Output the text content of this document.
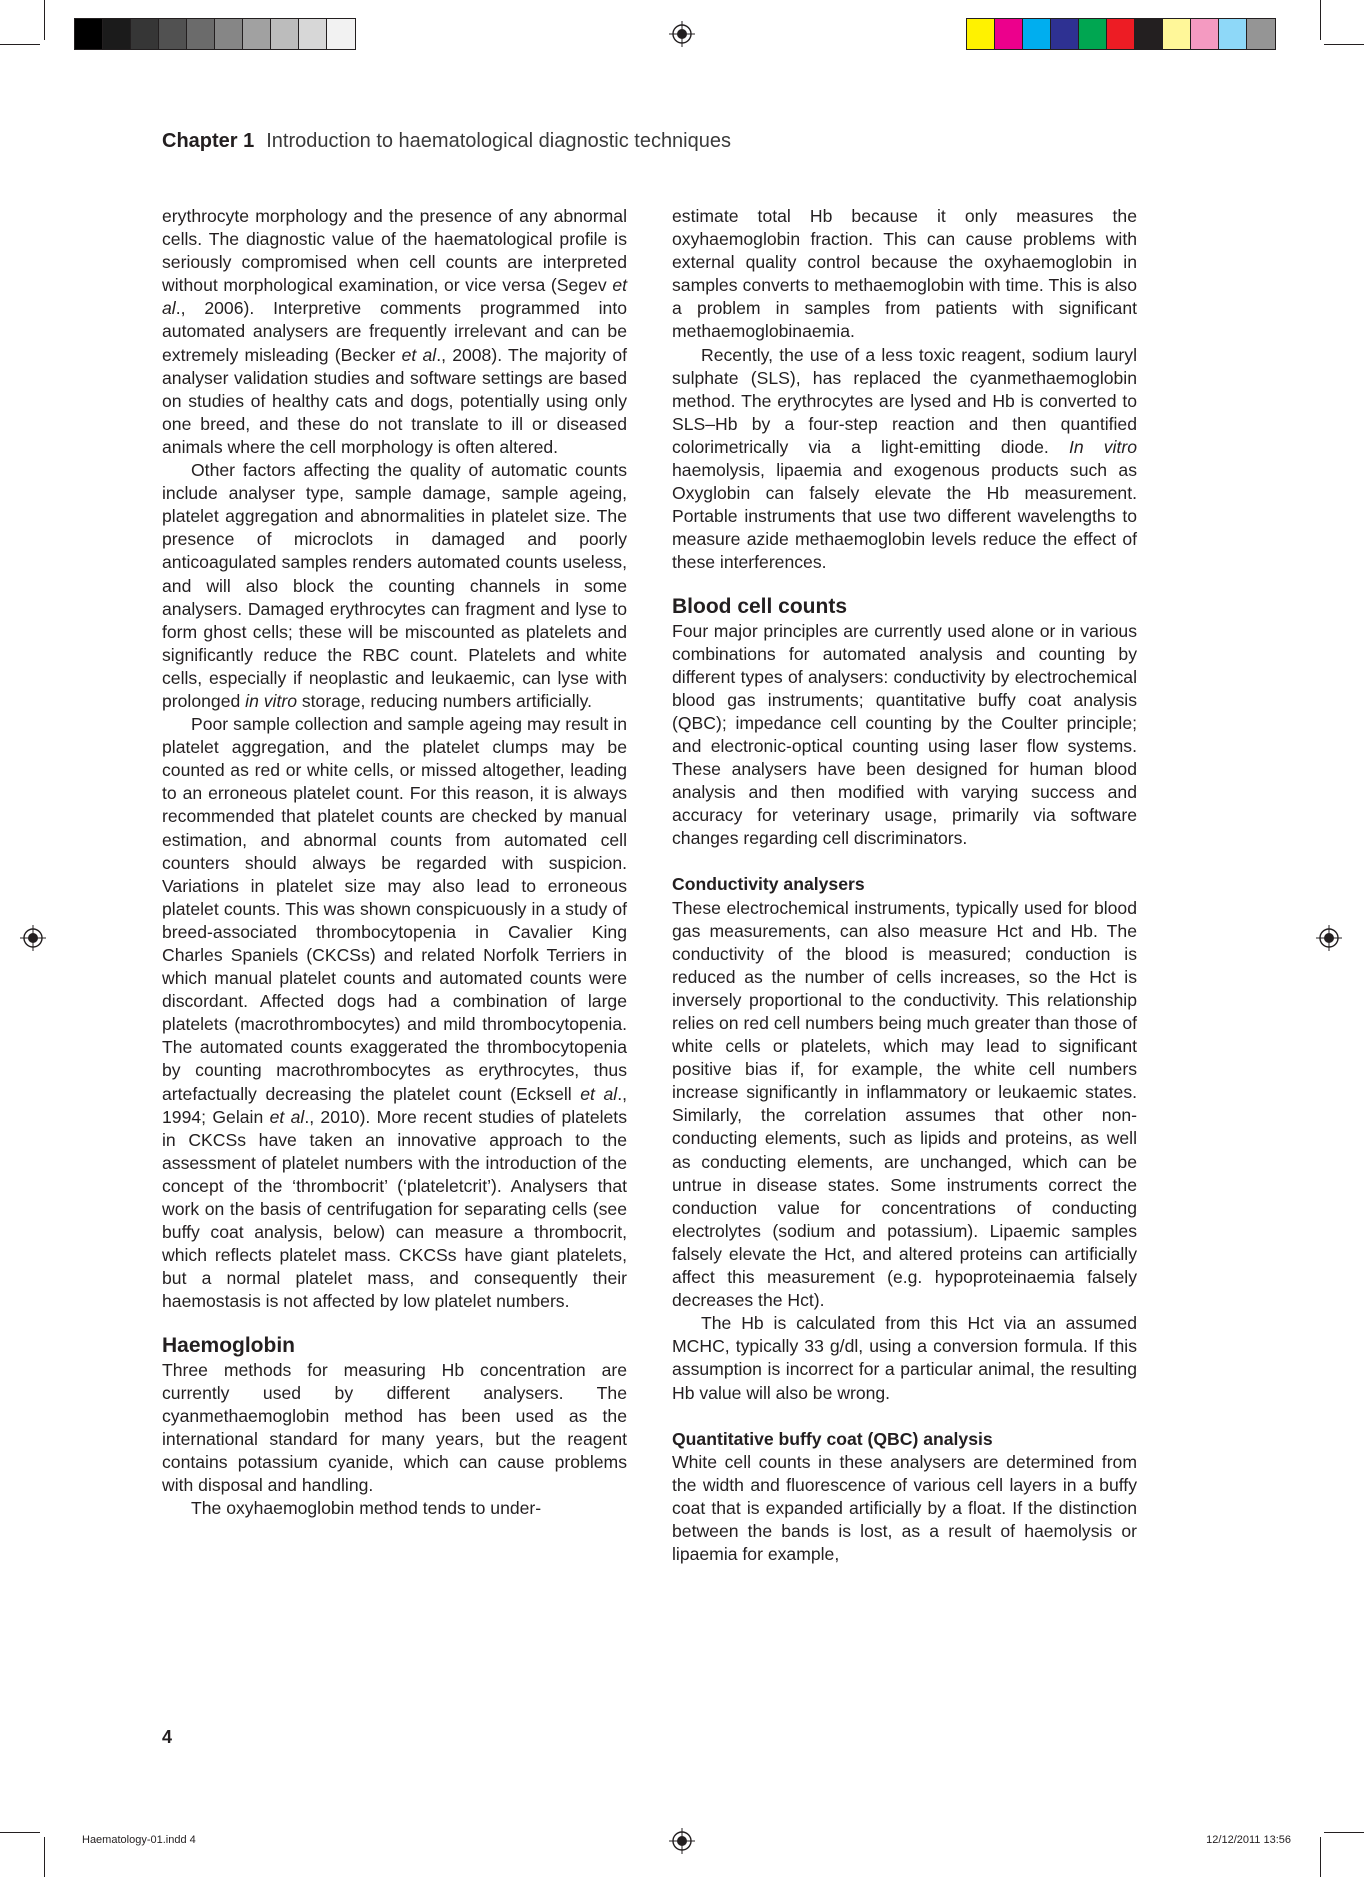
Chapter 1 Introduction to haematological diagnostic techniques

erythrocyte morphology and the presence of any abnormal cells. The diagnostic value of the haematological profile is seriously compromised when cell counts are interpreted without morphological examination, or vice versa (Segev et al., 2006). Interpretive comments programmed into automated analysers are frequently irrelevant and can be extremely misleading (Becker et al., 2008). The majority of analyser validation studies and software settings are based on studies of healthy cats and dogs, potentially using only one breed, and these do not translate to ill or diseased animals where the cell morphology is often altered.

Other factors affecting the quality of automatic counts include analyser type, sample damage, sample ageing, platelet aggregation and abnormalities in platelet size. The presence of microclots in damaged and poorly anticoagulated samples renders automated counts useless, and will also block the counting channels in some analysers. Damaged erythrocytes can fragment and lyse to form ghost cells; these will be miscounted as platelets and significantly reduce the RBC count. Platelets and white cells, especially if neoplastic and leukaemic, can lyse with prolonged in vitro storage, reducing numbers artificially.

Poor sample collection and sample ageing may result in platelet aggregation, and the platelet clumps may be counted as red or white cells, or missed altogether, leading to an erroneous platelet count. For this reason, it is always recommended that platelet counts are checked by manual estimation, and abnormal counts from automated cell counters should always be regarded with suspicion. Variations in platelet size may also lead to erroneous platelet counts. This was shown conspicuously in a study of breed-associated thrombocytopenia in Cavalier King Charles Spaniels (CKCSs) and related Norfolk Terriers in which manual platelet counts and automated counts were discordant. Affected dogs had a combination of large platelets (macrothrombocytes) and mild thrombocytopenia. The automated counts exaggerated the thrombocytopenia by counting macrothrombocytes as erythrocytes, thus artefactually decreasing the platelet count (Ecksell et al., 1994; Gelain et al., 2010). More recent studies of platelets in CKCSs have taken an innovative approach to the assessment of platelet numbers with the introduction of the concept of the ‘thrombocrit’ (‘plateletcrit’). Analysers that work on the basis of centrifugation for separating cells (see buffy coat analysis, below) can measure a thrombocrit, which reflects platelet mass. CKCSs have giant platelets, but a normal platelet mass, and consequently their haemostasis is not affected by low platelet numbers.

Haemoglobin

Three methods for measuring Hb concentration are currently used by different analysers. The cyanmethaemoglobin method has been used as the international standard for many years, but the reagent contains potassium cyanide, which can cause problems with disposal and handling.

The oxyhaemoglobin method tends to under-

estimate total Hb because it only measures the oxyhaemoglobin fraction. This can cause problems with external quality control because the oxyhaemoglobin in samples converts to methaemoglobin with time. This is also a problem in samples from patients with significant methaemoglobinaemia.

Recently, the use of a less toxic reagent, sodium lauryl sulphate (SLS), has replaced the cyanmethaemoglobin method. The erythrocytes are lysed and Hb is converted to SLS–Hb by a four-step reaction and then quantified colorimetrically via a light-emitting diode. In vitro haemolysis, lipaemia and exogenous products such as Oxyglobin can falsely elevate the Hb measurement. Portable instruments that use two different wavelengths to measure azide methaemoglobin levels reduce the effect of these interferences.

Blood cell counts

Four major principles are currently used alone or in various combinations for automated analysis and counting by different types of analysers: conductivity by electrochemical blood gas instruments; quantitative buffy coat analysis (QBC); impedance cell counting by the Coulter principle; and electronic-optical counting using laser flow systems. These analysers have been designed for human blood analysis and then modified with varying success and accuracy for veterinary usage, primarily via software changes regarding cell discriminators.

Conductivity analysers

These electrochemical instruments, typically used for blood gas measurements, can also measure Hct and Hb. The conductivity of the blood is measured; conduction is reduced as the number of cells increases, so the Hct is inversely proportional to the conductivity. This relationship relies on red cell numbers being much greater than those of white cells or platelets, which may lead to significant positive bias if, for example, the white cell numbers increase significantly in inflammatory or leukaemic states. Similarly, the correlation assumes that other non-conducting elements, such as lipids and proteins, as well as conducting elements, are unchanged, which can be untrue in disease states. Some instruments correct the conduction value for concentrations of conducting electrolytes (sodium and potassium). Lipaemic samples falsely elevate the Hct, and altered proteins can artificially affect this measurement (e.g. hypoproteinaemia falsely decreases the Hct).

The Hb is calculated from this Hct via an assumed MCHC, typically 33 g/dl, using a conversion formula. If this assumption is incorrect for a particular animal, the resulting Hb value will also be wrong.

Quantitative buffy coat (QBC) analysis

White cell counts in these analysers are determined from the width and fluorescence of various cell layers in a buffy coat that is expanded artificially by a float. If the distinction between the bands is lost, as a result of haemolysis or lipaemia for example,

4
Haematology-01.indd 4	12/12/2011 13:56
